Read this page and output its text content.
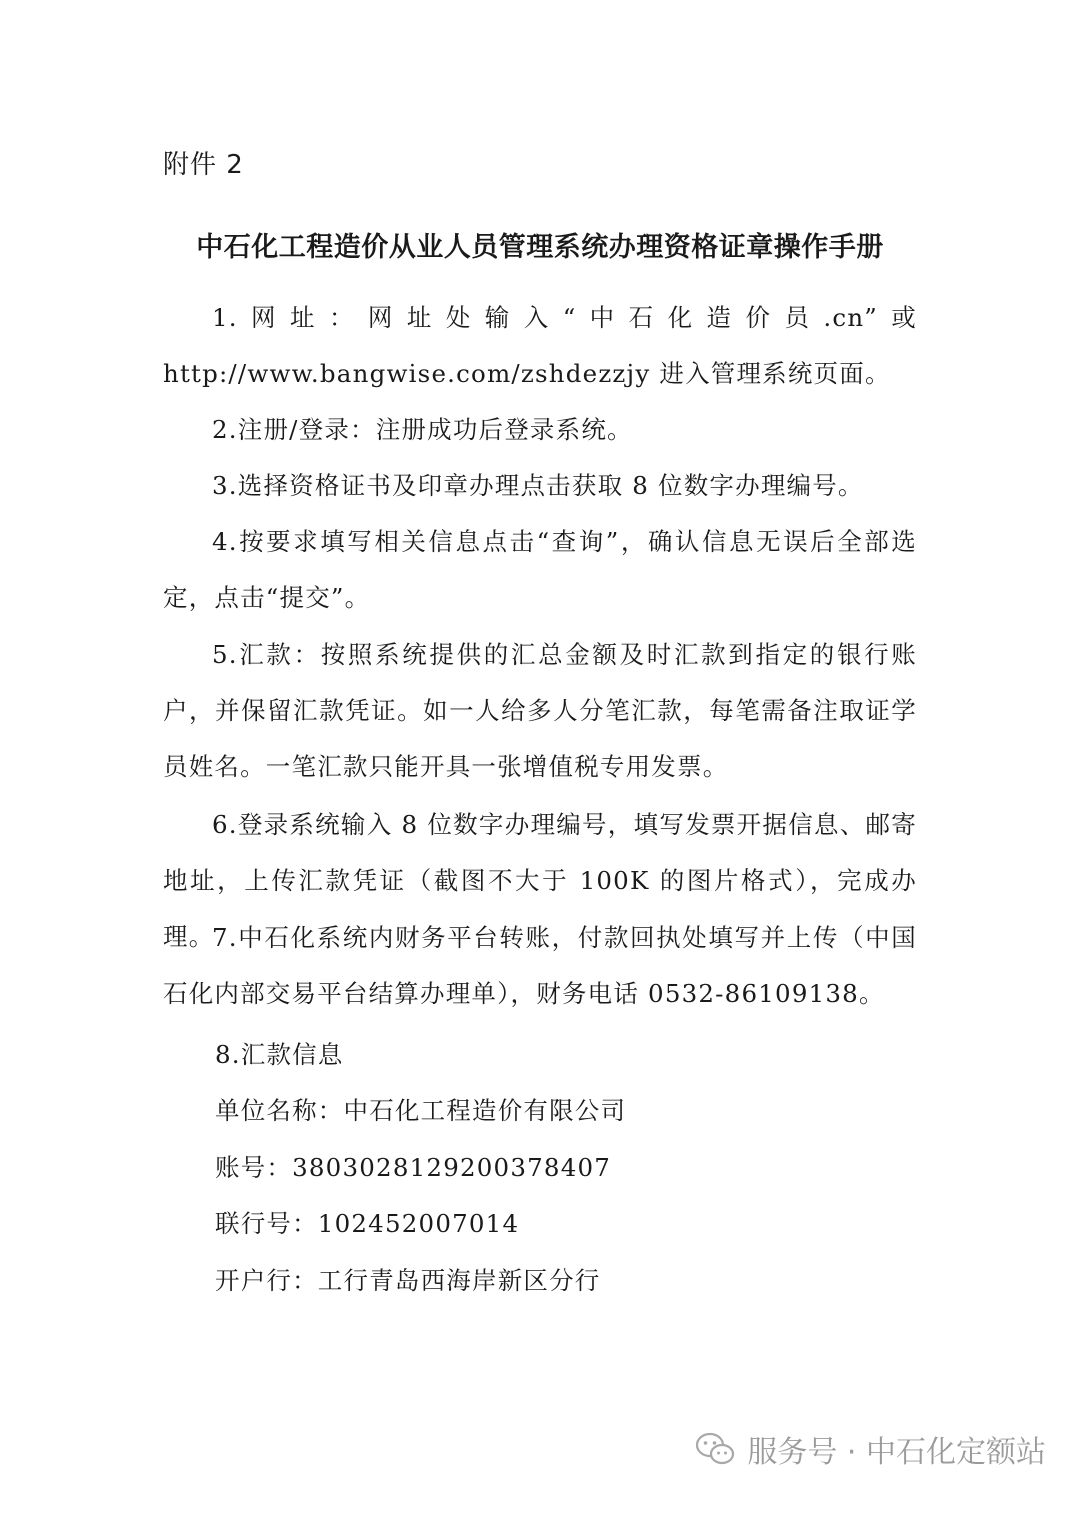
附件 2
中石化工程造价从业人员管理系统办理资格证章操作手册

1.网址：网址处输入“中石化造价员.cn”或 http://www.bangwise.com/zshdezzjy 进入管理系统页面。

2.注册/登录：注册成功后登录系统。

3.选择资格证书及印章办理点击获取 8 位数字办理编号。

4.按要求填写相关信息点击“查询”，确认信息无误后全部选定，点击“提交”。

5.汇款：按照系统提供的汇总金额及时汇款到指定的银行账户，并保留汇款凭证。如一人给多人分笔汇款，每笔需备注取证学员姓名。一笔汇款只能开具一张增值税专用发票。

6.登录系统输入 8 位数字办理编号，填写发票开据信息、邮寄地址，上传汇款凭证（截图不大于 100K 的图片格式），完成办理。

7.中石化系统内财务平台转账，付款回执处填写并上传（中国石化内部交易平台结算办理单），财务电话 0532-86109138。

8.汇款信息
单位名称：中石化工程造价有限公司
账号：3803028129200378407
联行号：102452007014
开户行：工行青岛西海岸新区分行
服务号 · 中石化定额站
